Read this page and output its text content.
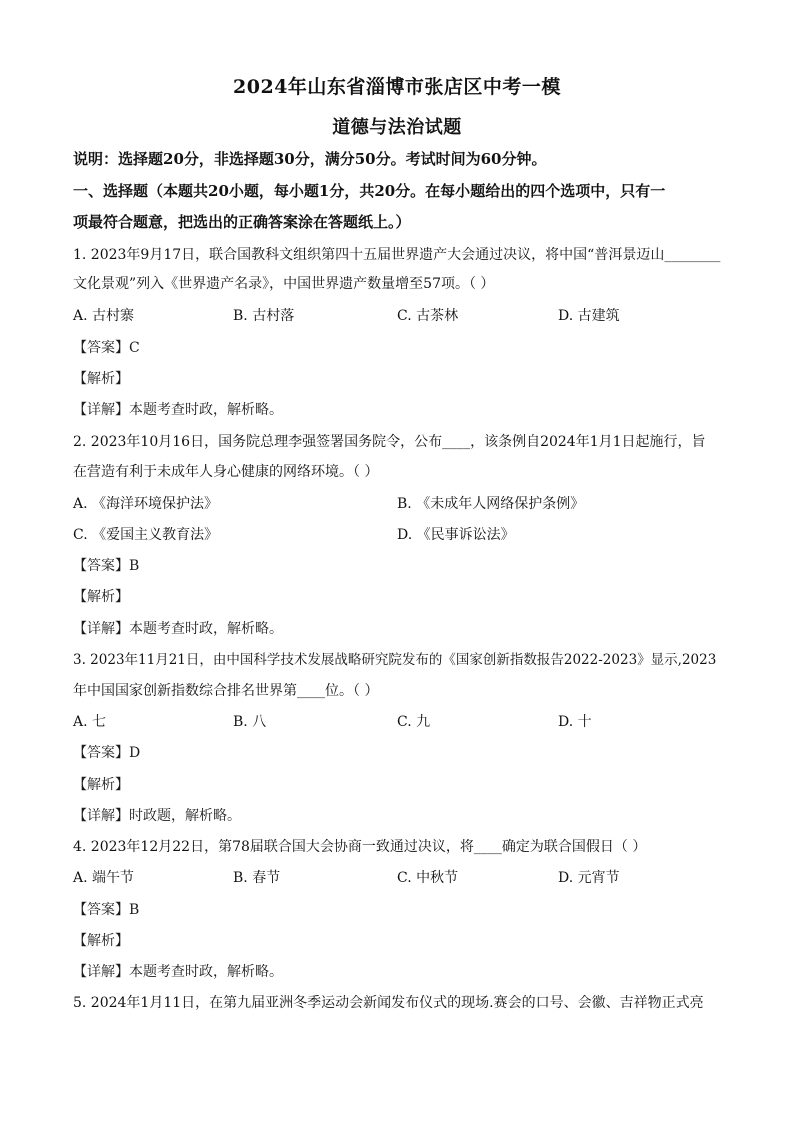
2024年山东省淄博市张店区中考一模
道德与法治试题
说明：选择题20分，非选择题30分，满分50分。考试时间为60分钟。
一、选择题（本题共20小题，每小题1分，共20分。在每小题给出的四个选项中，只有一
项最符合题意，把选出的正确答案涂在答题纸上。）
1. 2023年9月17日，联合国教科文组织第四十五届世界遗产大会通过决议，将中国“普洱景迈山________
文化景观”列入《世界遗产名录》，中国世界遗产数量增至57项。（ ）
A. 古村寨	B. 古村落	C. 古茶林	D. 古建筑
【答案】C
【解析】
【详解】本题考查时政，解析略。
2. 2023年10月16日，国务院总理李强签署国务院令，公布____，该条例自2024年1月1日起施行，旨
在营造有利于未成年人身心健康的网络环境。（ ）
A. 《海洋环境保护法》	B. 《未成年人网络保护条例》
C. 《爱国主义教育法》	D. 《民事诉讼法》
【答案】B
【解析】
【详解】本题考查时政，解析略。
3. 2023年11月21日，由中国科学技术发展战略研究院发布的《国家创新指数报告2022-2023》显示,2023
年中国国家创新指数综合排名世界第____位。（ ）
A. 七	B. 八	C. 九	D. 十
【答案】D
【解析】
【详解】时政题，解析略。
4. 2023年12月22日，第78届联合国大会协商一致通过决议，将____确定为联合国假日（ ）
A. 端午节	B. 春节	C. 中秋节	D. 元宵节
【答案】B
【解析】
【详解】本题考查时政，解析略。
5. 2024年1月11日，在第九届亚洲冬季运动会新闻发布仪式的现场.赛会的口号、会徽、吉祥物正式亮
